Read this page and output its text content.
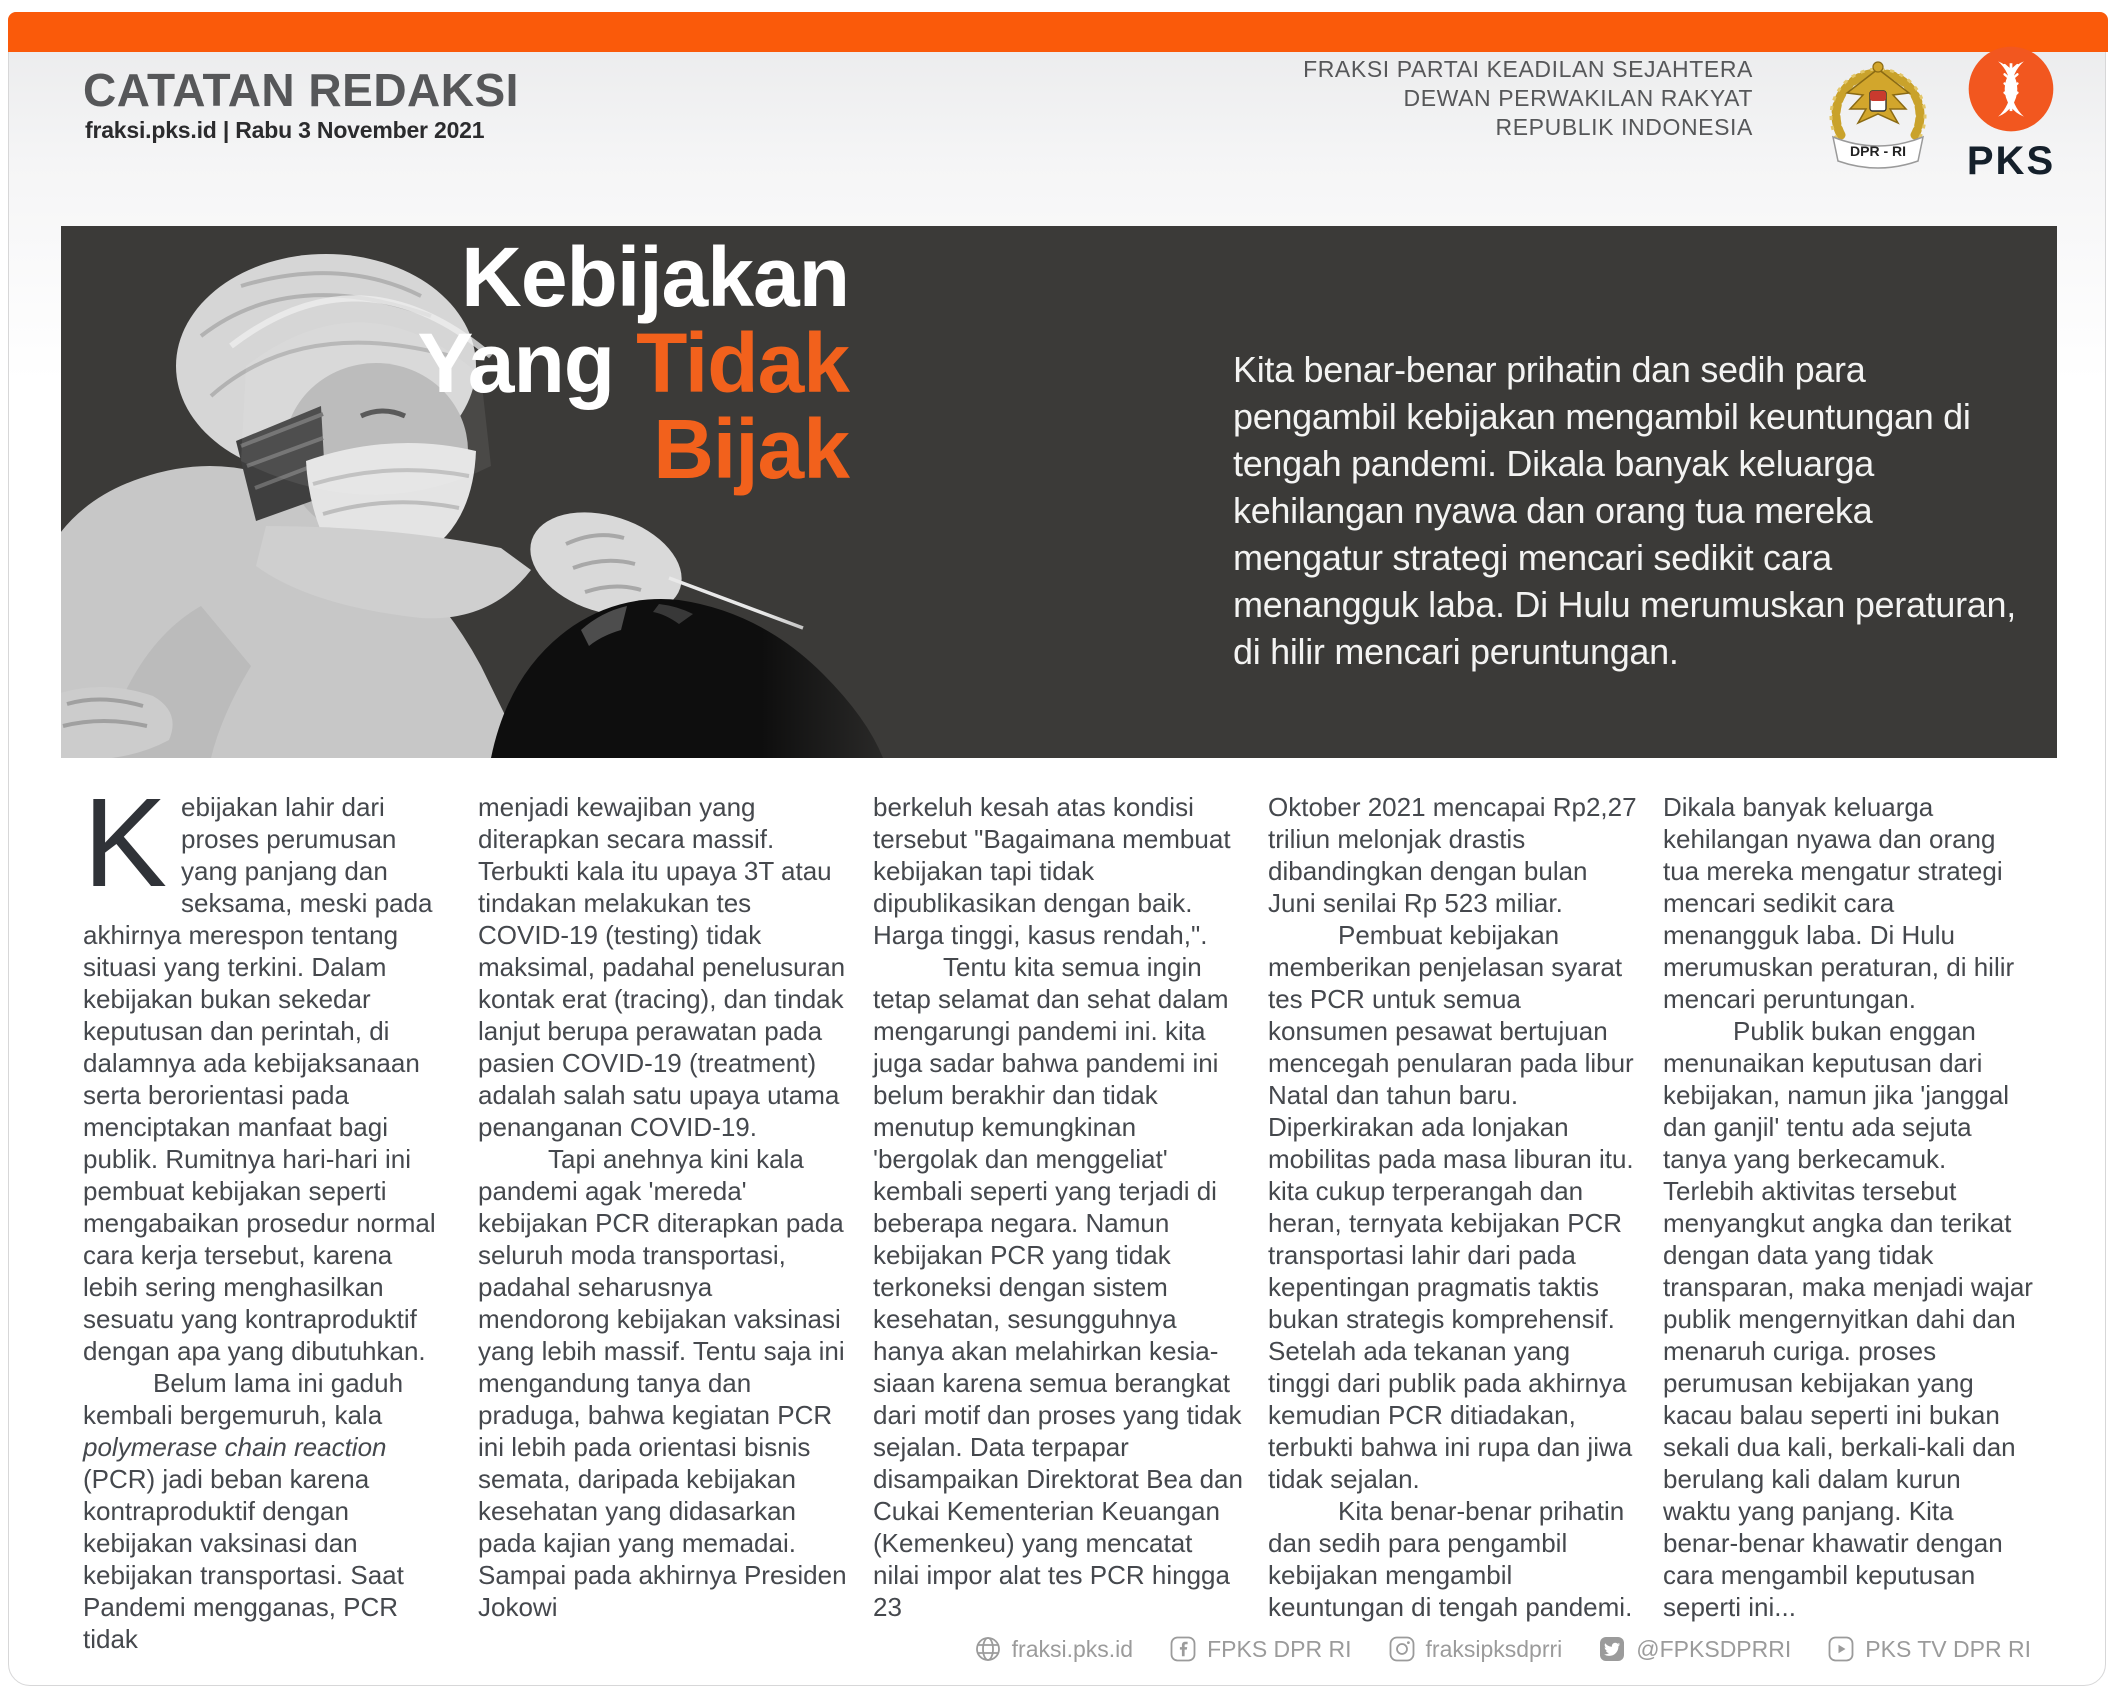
CATATAN REDAKSI
fraksi.pks.id | Rabu 3 November 2021
FRAKSI PARTAI KEADILAN SEJAHTERA
DEWAN PERWAKILAN RAKYAT
REPUBLIK INDONESIA
DPR - RI PKS
Kebijakan
Yang Tidak
Bijak
Kita benar-benar prihatin dan sedih para pengambil kebijakan mengambil keuntungan di tengah pandemi. Dikala banyak keluarga kehilangan nyawa dan orang tua mereka mengatur strategi mencari sedikit cara menangguk laba. Di Hulu merumuskan peraturan, di hilir mencari peruntungan.

Kebijakan lahir dari proses perumusan yang panjang dan seksama, meski pada akhirnya merespon tentang situasi yang terkini. Dalam kebijakan bukan sekedar keputusan dan perintah, di dalamnya ada kebijaksanaan serta berorientasi pada menciptakan manfaat bagi publik. Rumitnya hari-hari ini pembuat kebijakan seperti mengabaikan prosedur normal cara kerja tersebut, karena lebih sering menghasilkan sesuatu yang kontraproduktif dengan apa yang dibutuhkan.

Belum lama ini gaduh kembali bergemuruh, kala polymerase chain reaction (PCR) jadi beban karena kontraproduktif dengan kebijakan vaksinasi dan kebijakan transportasi. Saat Pandemi mengganas, PCR tidak

menjadi kewajiban yang diterapkan secara massif. Terbukti kala itu upaya 3T atau tindakan melakukan tes COVID-19 (testing) tidak maksimal, padahal penelusuran kontak erat (tracing), dan tindak lanjut berupa perawatan pada pasien COVID-19 (treatment) adalah salah satu upaya utama penanganan COVID-19.

Tapi anehnya kini kala pandemi agak 'mereda' kebijakan PCR diterapkan pada seluruh moda transportasi, padahal seharusnya mendorong kebijakan vaksinasi yang lebih massif. Tentu saja ini mengandung tanya dan praduga, bahwa kegiatan PCR ini lebih pada orientasi bisnis semata, daripada kebijakan kesehatan yang didasarkan pada kajian yang memadai. Sampai pada akhirnya Presiden Jokowi

berkeluh kesah atas kondisi tersebut "Bagaimana membuat kebijakan tapi tidak dipublikasikan dengan baik. Harga tinggi, kasus rendah,".

Tentu kita semua ingin tetap selamat dan sehat dalam mengarungi pandemi ini. kita juga sadar bahwa pandemi ini belum berakhir dan tidak menutup kemungkinan 'bergolak dan menggeliat' kembali seperti yang terjadi di beberapa negara. Namun kebijakan PCR yang tidak terkoneksi dengan sistem kesehatan, sesungguhnya hanya akan melahirkan kesia-siaan karena semua berangkat dari motif dan proses yang tidak sejalan. Data terpapar disampaikan Direktorat Bea dan Cukai Kementerian Keuangan (Kemenkeu) yang mencatat nilai impor alat tes PCR hingga 23

Oktober 2021 mencapai Rp2,27 triliun melonjak drastis dibandingkan dengan bulan Juni senilai Rp 523 miliar.

Pembuat kebijakan memberikan penjelasan syarat tes PCR untuk semua konsumen pesawat bertujuan mencegah penularan pada libur Natal dan tahun baru. Diperkirakan ada lonjakan mobilitas pada masa liburan itu. kita cukup terperangah dan heran, ternyata kebijakan PCR transportasi lahir dari pada kepentingan pragmatis taktis bukan strategis komprehensif. Setelah ada tekanan yang tinggi dari publik pada akhirnya kemudian PCR ditiadakan, terbukti bahwa ini rupa dan jiwa tidak sejalan.

Kita benar-benar prihatin dan sedih para pengambil kebijakan mengambil keuntungan di tengah pandemi.

Dikala banyak keluarga kehilangan nyawa dan orang tua mereka mengatur strategi mencari sedikit cara menangguk laba. Di Hulu merumuskan peraturan, di hilir mencari peruntungan.

Publik bukan enggan menunaikan keputusan dari kebijakan, namun jika 'janggal dan ganjil' tentu ada sejuta tanya yang berkecamuk. Terlebih aktivitas tersebut menyangkut angka dan terikat dengan data yang tidak transparan, maka menjadi wajar publik mengernyitkan dahi dan menaruh curiga. proses perumusan kebijakan yang kacau balau seperti ini bukan sekali dua kali, berkali-kali dan berulang kali dalam kurun waktu yang panjang. Kita benar-benar khawatir dengan cara mengambil keputusan seperti ini...

fraksi.pks.id	FPKS DPR RI	fraksipksdprri	@FPKSDPRRI	PKS TV DPR RI
